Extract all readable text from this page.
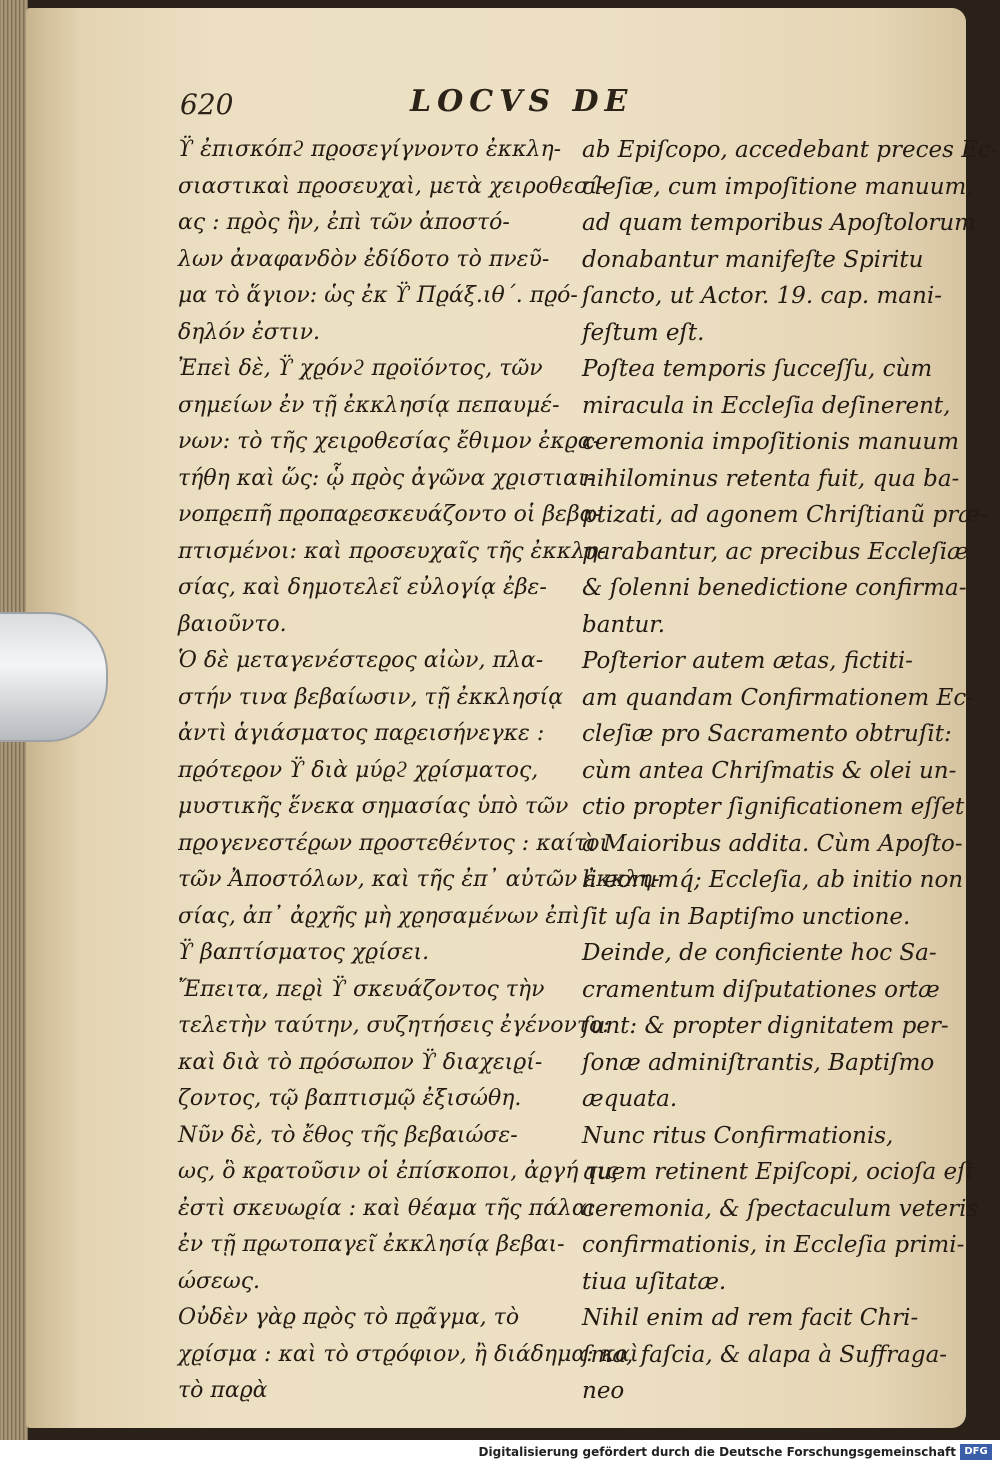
620	LOCVS DE
ϔ ἐπισκόπϩ πϱοσεγίγνοντο ἐκκλη-
σιαστικαὶ πϱοσευχαὶ, μετὰ χειροθεσί-
ας : πϱὸς ἣν, ἐπὶ τῶν ἀποστό-
λων ἀναφανδὸν ἐδίδοτο τὸ πνεῦ-
μα τὸ ἅγιον: ὡς ἐκ ϔ Πϱάξ.ιθ΄. πϱό-
δηλόν ἐστιν.
Ἐπεὶ δὲ, ϔ χϱόνϩ πϱοϊόντος, τῶν
σημείων ἐν τῇ ἐκκλησίᾳ πεπαυμέ-
νων: τὸ τῆς χειϱοθεσίας ἔθιμον ἐκϱα-
τήθη καὶ ὥς: ᾧ πϱὸς ἀγῶνα χϱιστιαι-
νοπϱεπῆ πϱοπαϱεσκευάζοντο οἱ βεβα-
πτισμένοι: καὶ πϱοσευχαῖς τῆς ἐκκλη-
σίας, καὶ δημοτελεῖ εὐλογίᾳ ἐβε-
βαιοῦντο.
Ὁ δὲ μεταγενέστεϱος αἰὼν, πλα-
στήν τινα βεβαίωσιν, τῇ ἐκκλησίᾳ
ἀντὶ ἁγιάσματος παϱεισήνεγκε :
πϱότεϱον ϔ διὰ μύϱϩ χϱίσματος,
μυστικῆς ἕνεκα σημασίας ὑπὸ τῶν
πϱογενεστέϱων πϱοστεθέντος : καίτοι
τῶν Ἀποστόλων, καὶ τῆς ἐπ᾽ αὐτῶν ἐκκλη-
σίας, ἀπ᾽ ἀϱχῆς μὴ χϱησαμένων ἐπὶ
ϔ βαπτίσματος χϱίσει.
Ἔπειτα, πεϱὶ ϔ σκευάζοντος τὴν
τελετὴν ταύτην, συζητήσεις ἐγένοντο:
καὶ διὰ τὸ πϱόσωπον ϔ διαχειϱί-
ζοντος, τῷ βαπτισμῷ ἐξισώθη.
Νῦν δὲ, τὸ ἔθος τῆς βεβαιώσε-
ως, ὃ κϱατοῦσιν οἱ ἐπίσκοποι, ἀϱγή τις
ἐστὶ σκευωϱία : καὶ θέαμα τῆς πάλαι
ἐν τῇ πϱωτοπαγεῖ ἐκκλησίᾳ βεβαι-
ώσεως.
Οὐδὲν γὰϱ πϱὸς τὸ πϱᾶγμα, τὸ
χϱίσμα : καὶ τὸ στϱόφιον, ἢ διάδημα: καὶ
τὸ παϱὰ
ab Epiſcopo, accedebant preces Ec-
cleſiæ, cum impoſitione manuum,
ad quam temporibus Apoſtolorum
donabantur manifeſte Spiritu
ſancto, ut Actor. 19. cap. mani-
feſtum eſt.
Poſtea temporis ſucceſſu, cùm
miracula in Eccleſia deſinerent,
ceremonia impoſitionis manuum
nihilominus retenta fuit, qua ba-
ptizati, ad agonem Chriſtianũ præ-
parabantur, ac precibus Eccleſiæ
& ſolenni benedictione confirma-
bantur.
Poſterior autem ætas, fictiti-
am quandam Confirmationem Ec-
cleſiæ pro Sacramento obtruſit:
cùm antea Chriſmatis & olei un-
ctio propter ſignificationem eſſet
à Maioribus addita. Cùm Apoſto-
li eorumq́; Eccleſia, ab initio non
ſit uſa in Baptiſmo unctione.
Deinde, de conficiente hoc Sa-
cramentum diſputationes ortæ
ſunt: & propter dignitatem per-
ſonæ adminiſtrantis, Baptiſmo
æquata.
Nunc ritus Confirmationis,
quem retinent Epiſcopi, ocioſa eſt
ceremonia, & ſpectaculum veteris
confirmationis, in Eccleſia primi-
tiua uſitatæ.
Nihil enim ad rem facit Chri-
ſma, faſcia, & alapa à Suffraga-
neo
Digitalisierung gefördert durch die Deutsche Forschungsgemeinschaft DFG
